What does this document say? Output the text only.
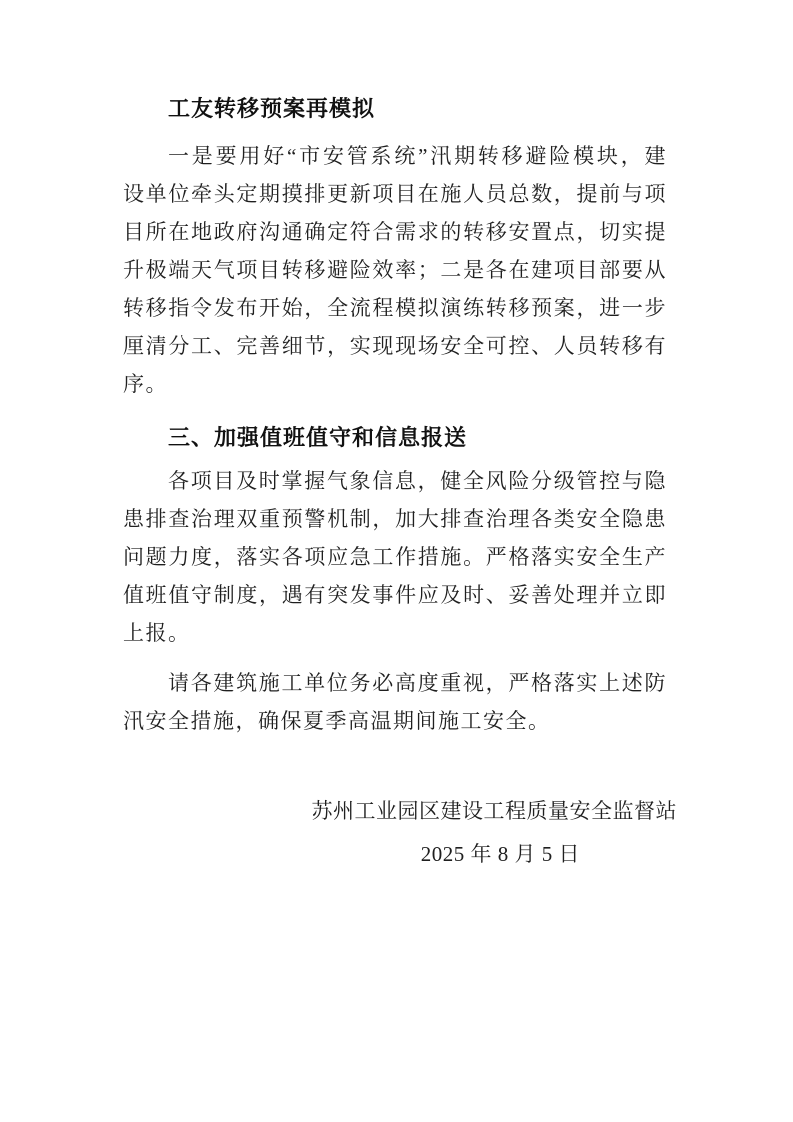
工友转移预案再模拟
一是要用好“市安管系统”汛期转移避险模块，建
设单位牵头定期摸排更新项目在施人员总数，提前与项
目所在地政府沟通确定符合需求的转移安置点，切实提
升极端天气项目转移避险效率；二是各在建项目部要从
转移指令发布开始，全流程模拟演练转移预案，进一步
厘清分工、完善细节，实现现场安全可控、人员转移有
序。
三、加强值班值守和信息报送
各项目及时掌握气象信息，健全风险分级管控与隐
患排查治理双重预警机制，加大排查治理各类安全隐患
问题力度，落实各项应急工作措施。严格落实安全生产
值班值守制度，遇有突发事件应及时、妥善处理并立即
上报。
请各建筑施工单位务必高度重视，严格落实上述防
汛安全措施，确保夏季高温期间施工安全。
苏州工业园区建设工程质量安全监督站
2025 年 8 月 5 日
